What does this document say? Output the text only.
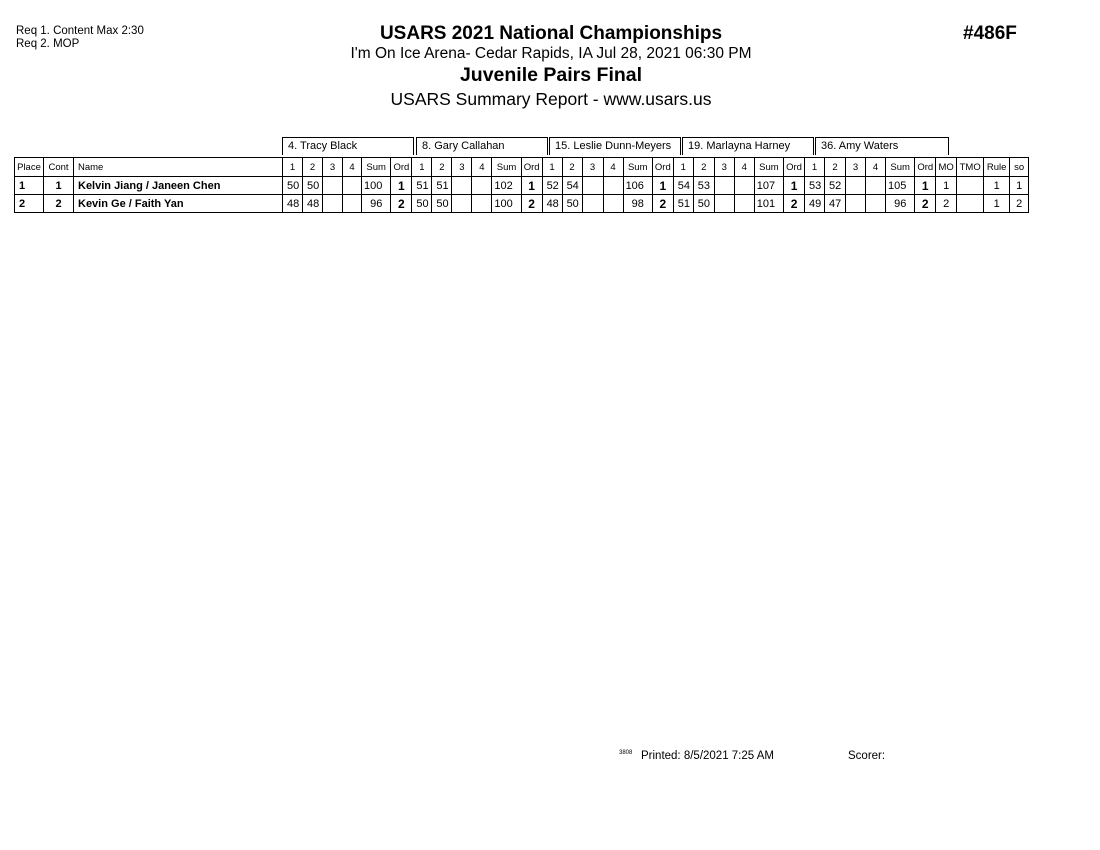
Req 1. Content Max 2:30
Req 2. MOP	#486F
USARS 2021 National Championships
I'm On Ice Arena- Cedar Rapids, IA Jul 28, 2021 06:30 PM
Juvenile Pairs Final
USARS Summary Report - www.usars.us
4. Tracy Black	8. Gary Callahan	15. Leslie Dunn-Meyers	19. Marlayna Harney	36. Amy Waters
Place	Cont	Name	1	2	3	4	Sum	Ord	1	2	3	4	Sum	Ord	1	2	3	4	Sum	Ord	1	2	3	4	Sum	Ord	1	2	3	4	Sum	Ord	MO	TMO	Rule	so
1	1	Kelvin Jiang / Janeen Chen	50	50			100	1	51	51			102	1	52	54			106	1	54	53			107	1	53	52			105	1	1		1	1
2	2	Kevin Ge / Faith Yan	48	48			96	2	50	50			100	2	48	50			98	2	51	50			101	2	49	47			96	2	2		1	2
3808 Printed: 8/5/2021 7:25 AM	Scorer:
